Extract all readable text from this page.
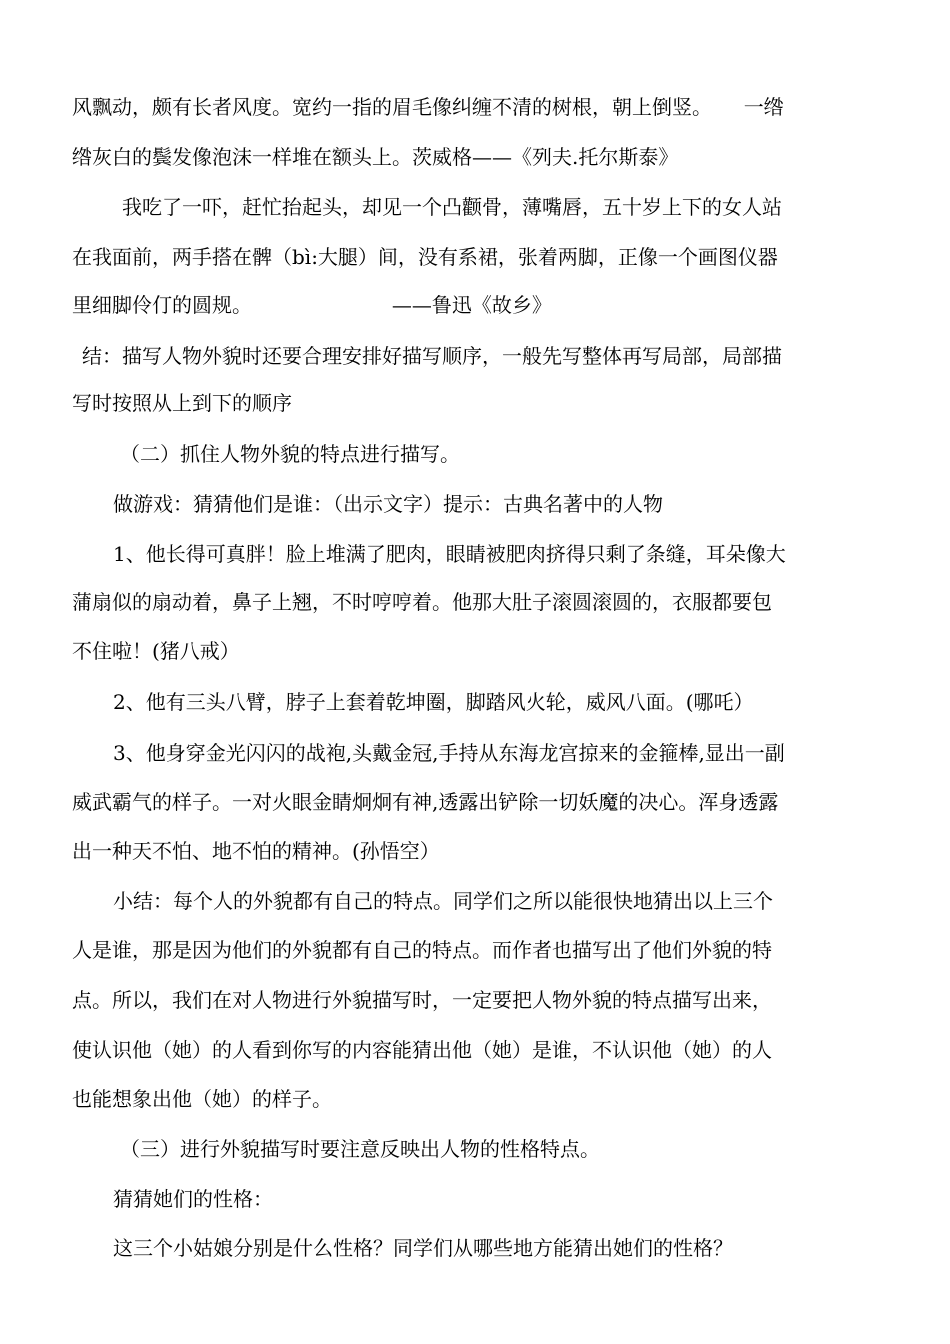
风飘动，颇有长者风度。宽约一指的眉毛像纠缠不清的树根，朝上倒竖。     一绺
绺灰白的鬓发像泡沫一样堆在额头上。茨威格——《列夫.托尔斯泰》
我吃了一吓，赶忙抬起头，却见一个凸颧骨，薄嘴唇，五十岁上下的女人站
在我面前，两手搭在髀（bì:大腿）间，没有系裙，张着两脚，正像一个画图仪器
里细脚伶仃的圆规。                      ——鲁迅《故乡》
结：描写人物外貌时还要合理安排好描写顺序，一般先写整体再写局部，局部描
写时按照从上到下的顺序
（二）抓住人物外貌的特点进行描写。
做游戏：猜猜他们是谁：（出示文字）提示：古典名著中的人物
1、他长得可真胖！脸上堆满了肥肉，眼睛被肥肉挤得只剩了条缝，耳朵像大
蒲扇似的扇动着，鼻子上翘，不时哼哼着。他那大肚子滚圆滚圆的，衣服都要包
不住啦！(猪八戒）
2、他有三头八臂，脖子上套着乾坤圈，脚踏风火轮，威风八面。(哪吒）
3、他身穿金光闪闪的战袍,头戴金冠,手持从东海龙宫掠来的金箍棒,显出一副
威武霸气的样子。一对火眼金睛炯炯有神,透露出铲除一切妖魔的决心。浑身透露
出一种天不怕、地不怕的精神。(孙悟空）
小结：每个人的外貌都有自己的特点。同学们之所以能很快地猜出以上三个
人是谁，那是因为他们的外貌都有自己的特点。而作者也描写出了他们外貌的特
点。所以，我们在对人物进行外貌描写时，一定要把人物外貌的特点描写出来，
使认识他（她）的人看到你写的内容能猜出他（她）是谁，不认识他（她）的人
也能想象出他（她）的样子。
（三）进行外貌描写时要注意反映出人物的性格特点。
猜猜她们的性格：
这三个小姑娘分别是什么性格？同学们从哪些地方能猜出她们的性格？
